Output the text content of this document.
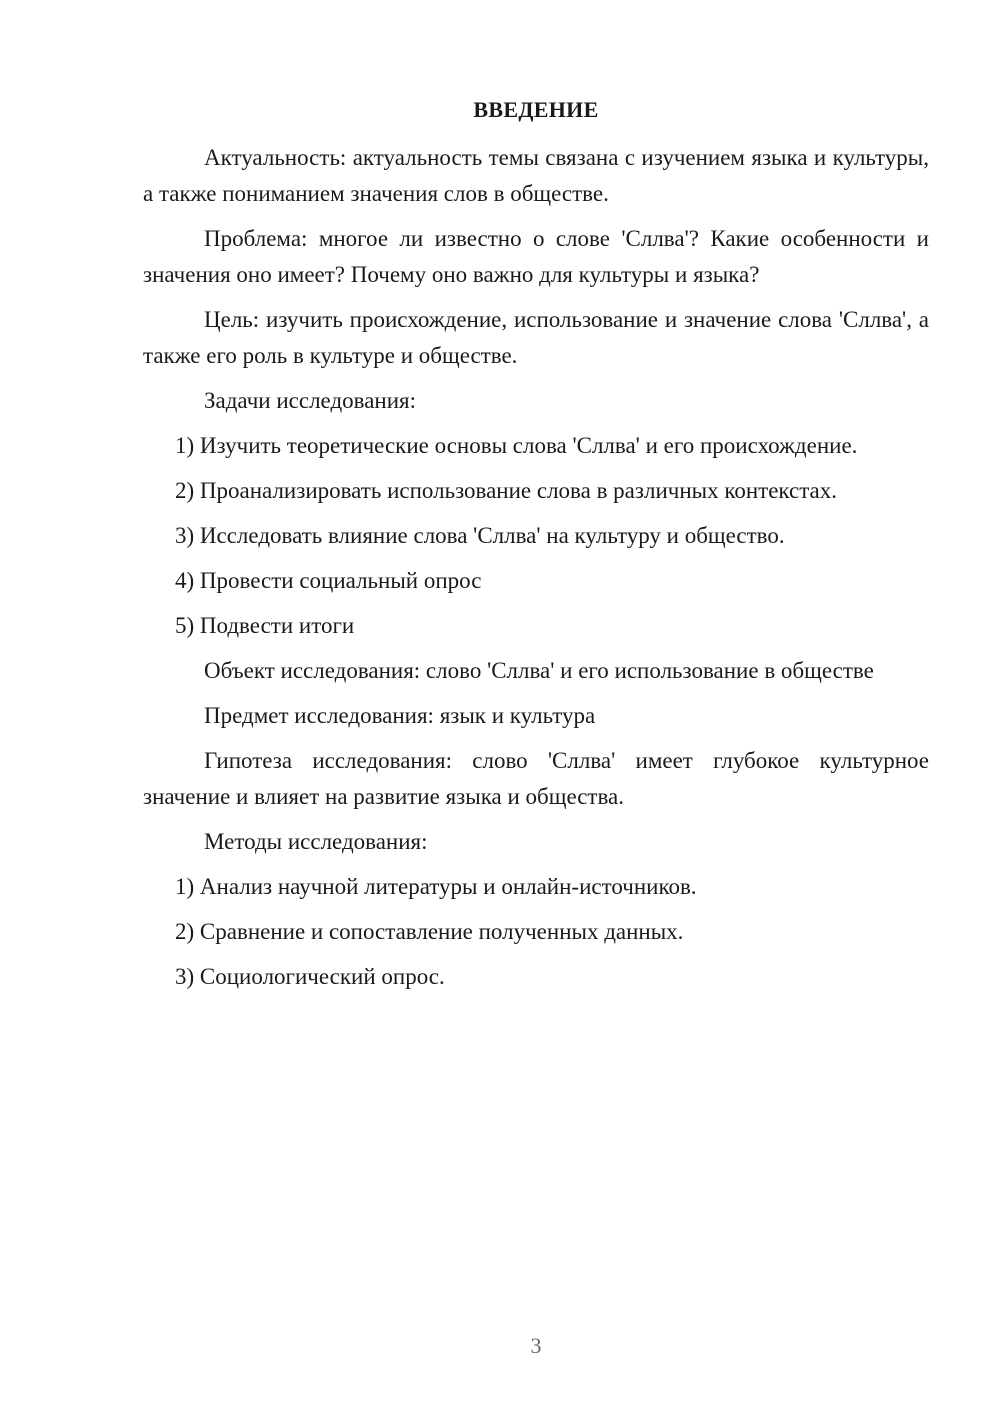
ВВЕДЕНИЕ
Актуальность: актуальность темы связана с изучением языка и культуры, а также пониманием значения слов в обществе.
Проблема: многое ли известно о слове 'Сллва'? Какие особенности и значения оно имеет? Почему оно важно для культуры и языка?
Цель: изучить происхождение, использование и значение слова 'Сллва', а также его роль в культуре и обществе.
Задачи исследования:
1) Изучить теоретические основы слова 'Сллва' и его происхождение.
2) Проанализировать использование слова в различных контекстах.
3) Исследовать влияние слова 'Сллва' на культуру и общество.
4) Провести социальный опрос
5) Подвести итоги
Объект исследования: слово 'Сллва' и его использование в обществе
Предмет исследования: язык и культура
Гипотеза исследования: слово 'Сллва' имеет глубокое культурное значение и влияет на развитие языка и общества.
Методы исследования:
1) Анализ научной литературы и онлайн-источников.
2) Сравнение и сопоставление полученных данных.
3) Социологический опрос.
3
